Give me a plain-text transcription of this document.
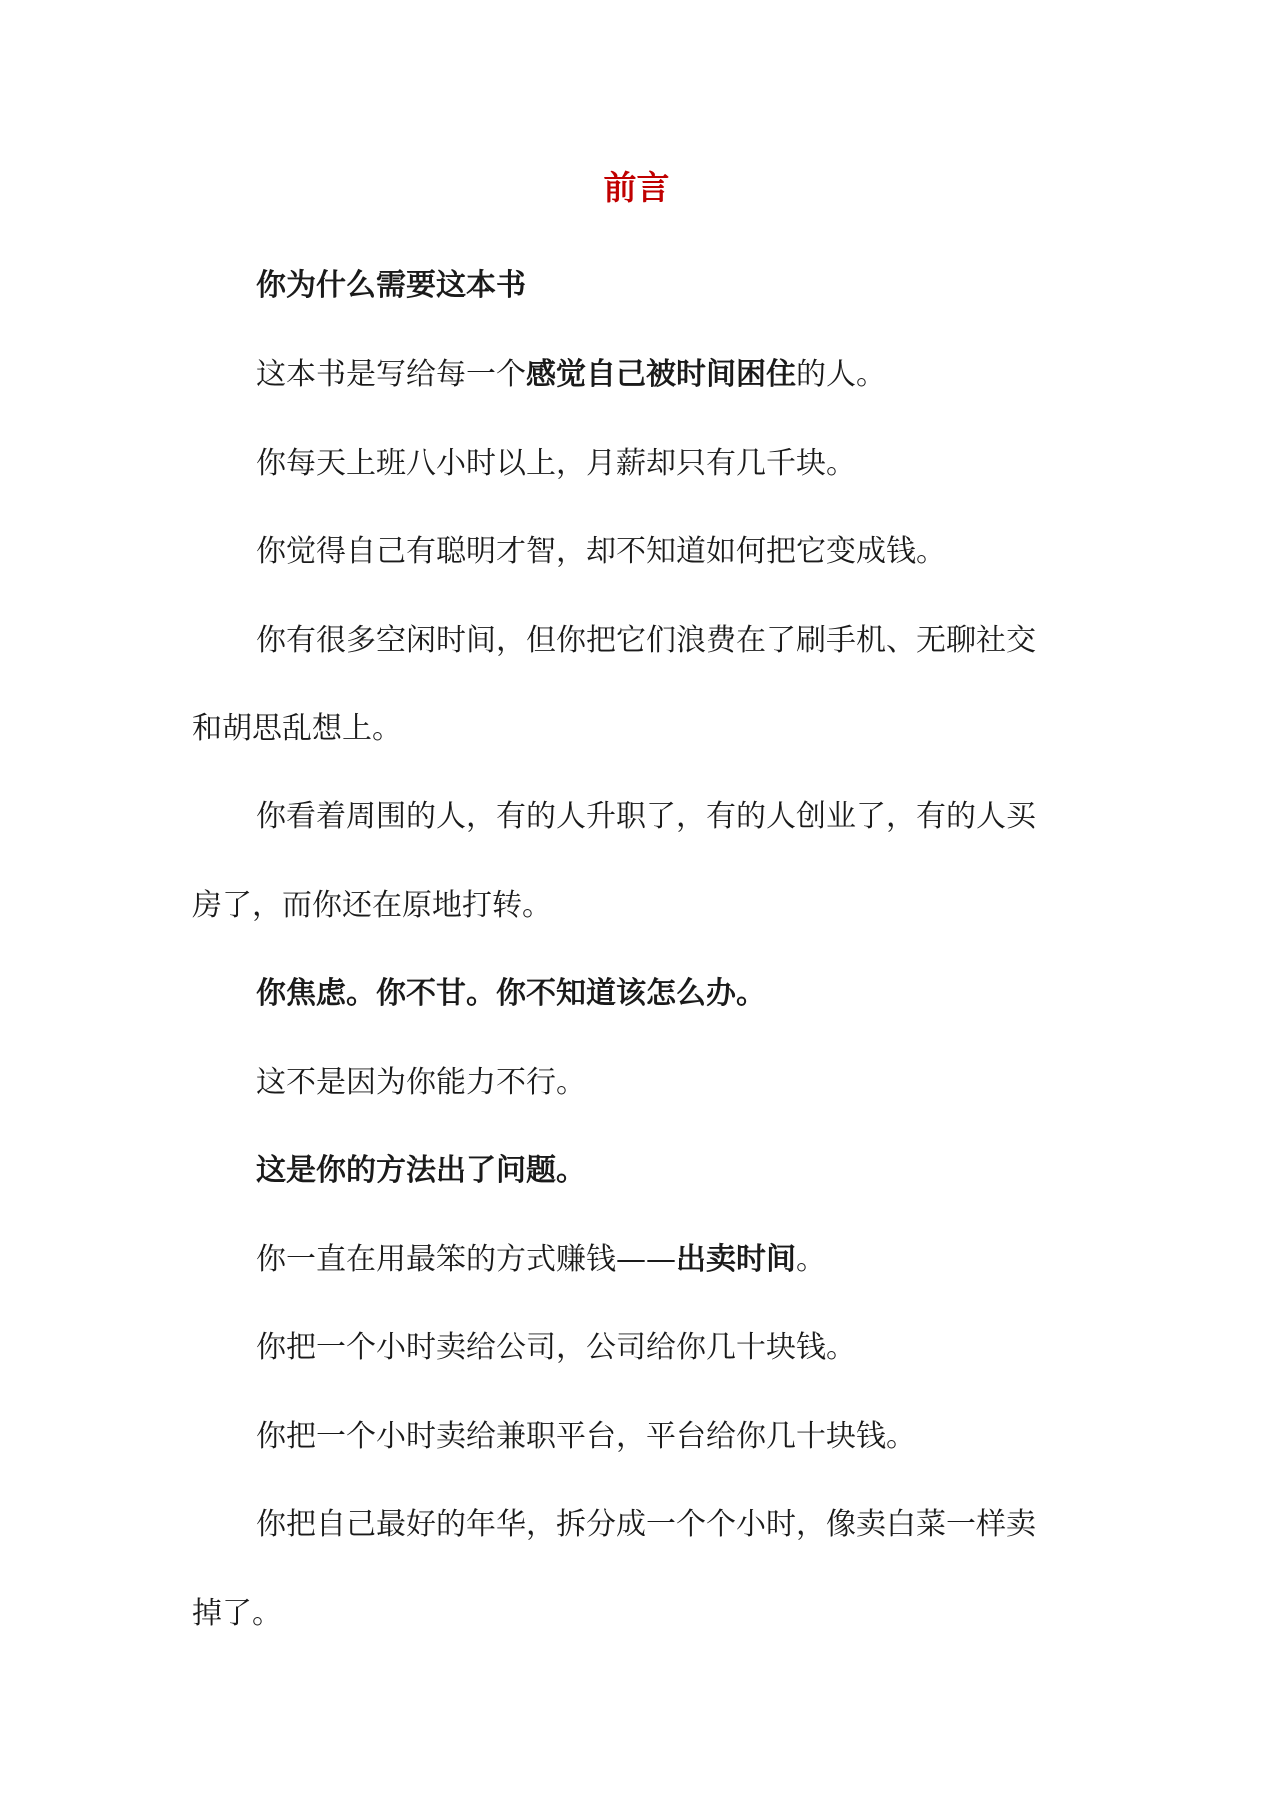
前言
你为什么需要这本书
这本书是写给每一个感觉自己被时间困住的人。
你每天上班八小时以上，月薪却只有几千块。
你觉得自己有聪明才智，却不知道如何把它变成钱。
你有很多空闲时间，但你把它们浪费在了刷手机、无聊社交
和胡思乱想上。
你看着周围的人，有的人升职了，有的人创业了，有的人买
房了，而你还在原地打转。
你焦虑。你不甘。你不知道该怎么办。
这不是因为你能力不行。
这是你的方法出了问题。
你一直在用最笨的方式赚钱——出卖时间。
你把一个小时卖给公司，公司给你几十块钱。
你把一个小时卖给兼职平台，平台给你几十块钱。
你把自己最好的年华，拆分成一个个小时，像卖白菜一样卖
掉了。
